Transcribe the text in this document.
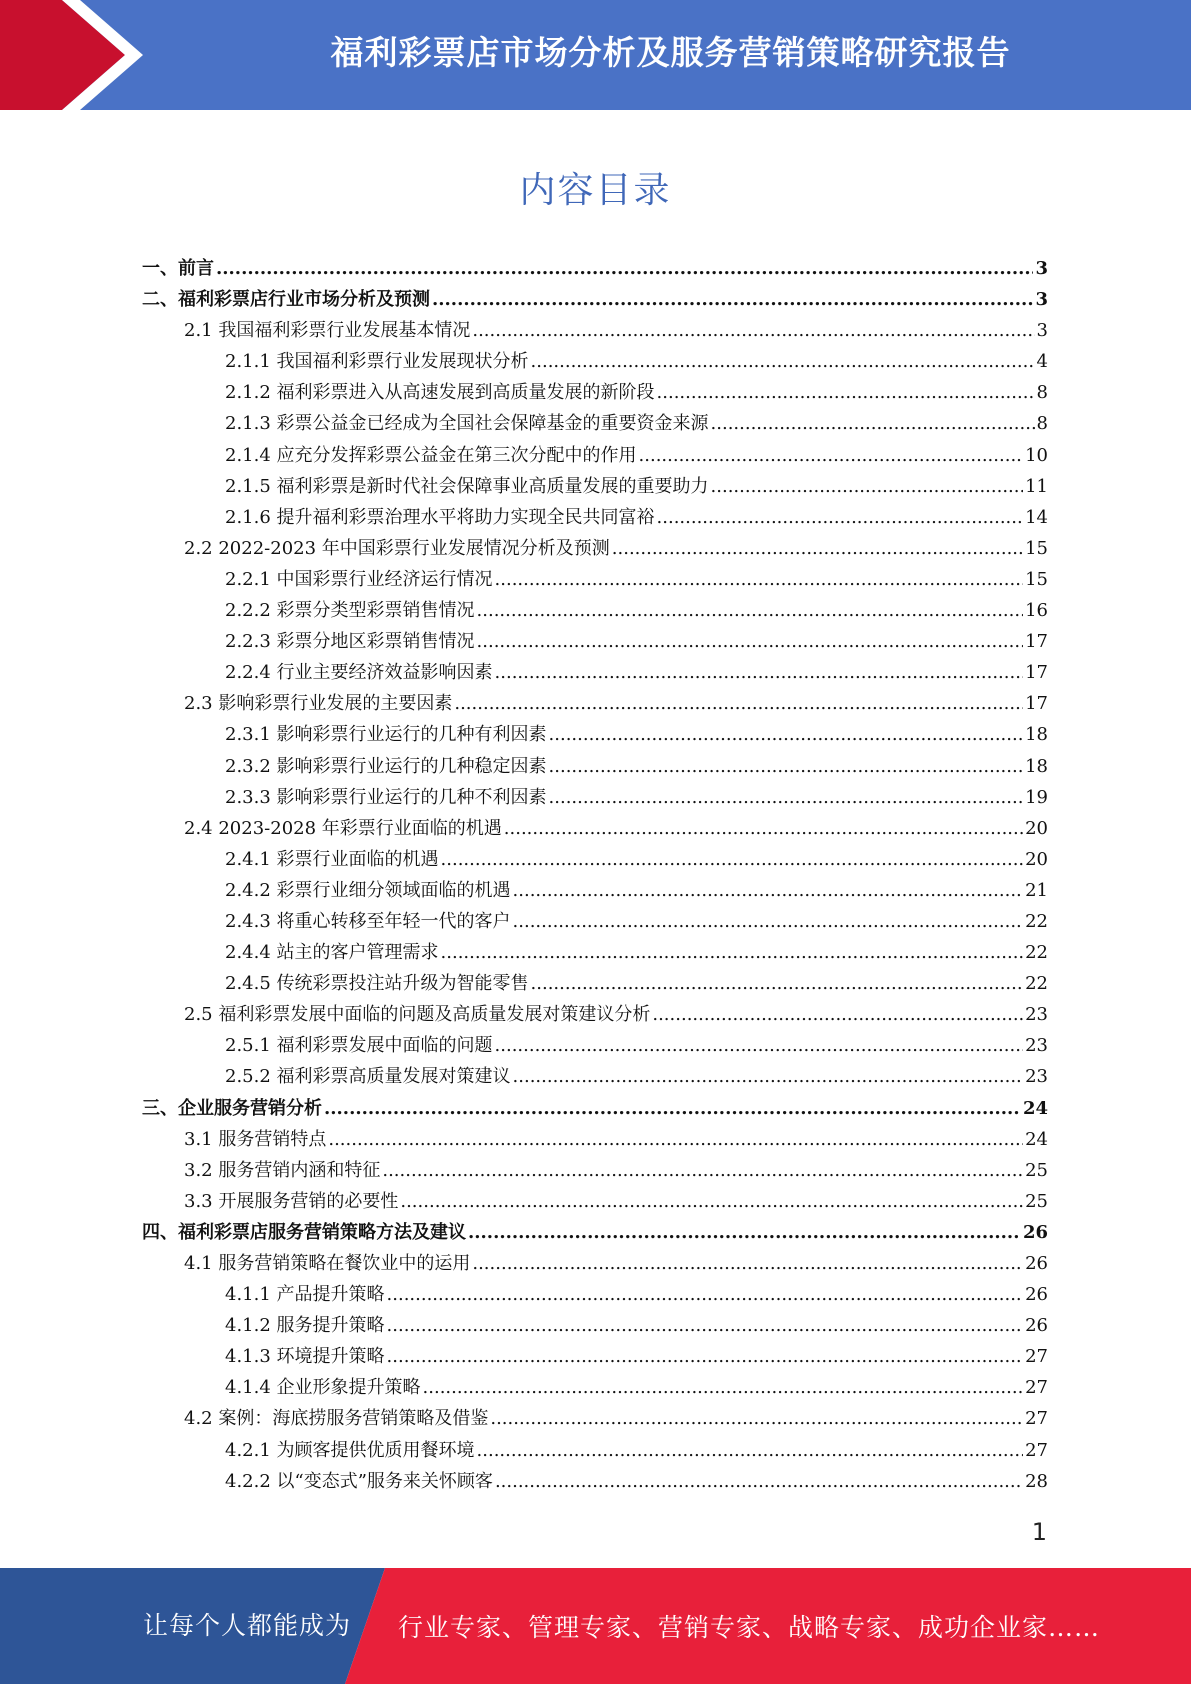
福利彩票店市场分析及服务营销策略研究报告
内容目录
一、前言 .....	3
二、福利彩票店行业市场分析及预测 .....	3
2.1 我国福利彩票行业发展基本情况 .....	3
2.1.1 我国福利彩票行业发展现状分析 .....	4
2.1.2 福利彩票进入从高速发展到高质量发展的新阶段 .....	8
2.1.3 彩票公益金已经成为全国社会保障基金的重要资金来源 .....	8
2.1.4 应充分发挥彩票公益金在第三次分配中的作用 .....	10
2.1.5 福利彩票是新时代社会保障事业高质量发展的重要助力 .....	11
2.1.6 提升福利彩票治理水平将助力实现全民共同富裕 .....	14
2.2 2022-2023 年中国彩票行业发展情况分析及预测 .....	15
2.2.1 中国彩票行业经济运行情况 .....	15
2.2.2 彩票分类型彩票销售情况 .....	16
2.2.3 彩票分地区彩票销售情况 .....	17
2.2.4 行业主要经济效益影响因素 .....	17
2.3 影响彩票行业发展的主要因素 .....	17
2.3.1 影响彩票行业运行的几种有利因素 .....	18
2.3.2 影响彩票行业运行的几种稳定因素 .....	18
2.3.3 影响彩票行业运行的几种不利因素 .....	19
2.4 2023-2028 年彩票行业面临的机遇 .....	20
2.4.1 彩票行业面临的机遇 .....	20
2.4.2 彩票行业细分领域面临的机遇 .....	21
2.4.3 将重心转移至年轻一代的客户 .....	22
2.4.4 站主的客户管理需求 .....	22
2.4.5 传统彩票投注站升级为智能零售 .....	22
2.5 福利彩票发展中面临的问题及高质量发展对策建议分析 .....	23
2.5.1 福利彩票发展中面临的问题 .....	23
2.5.2 福利彩票高质量发展对策建议 .....	23
三、企业服务营销分析 .....	24
3.1 服务营销特点 .....	24
3.2 服务营销内涵和特征 .....	25
3.3 开展服务营销的必要性 .....	25
四、福利彩票店服务营销策略方法及建议 .....	26
4.1 服务营销策略在餐饮业中的运用 .....	26
4.1.1 产品提升策略 .....	26
4.1.2 服务提升策略 .....	26
4.1.3 环境提升策略 .....	27
4.1.4 企业形象提升策略 .....	27
4.2 案例：海底捞服务营销策略及借鉴 .....	27
4.2.1 为顾客提供优质用餐环境 .....	27
4.2.2 以“变态式”服务来关怀顾客 .....	28
1
让每个人都能成为 行业专家、管理专家、营销专家、战略专家、成功企业家……
